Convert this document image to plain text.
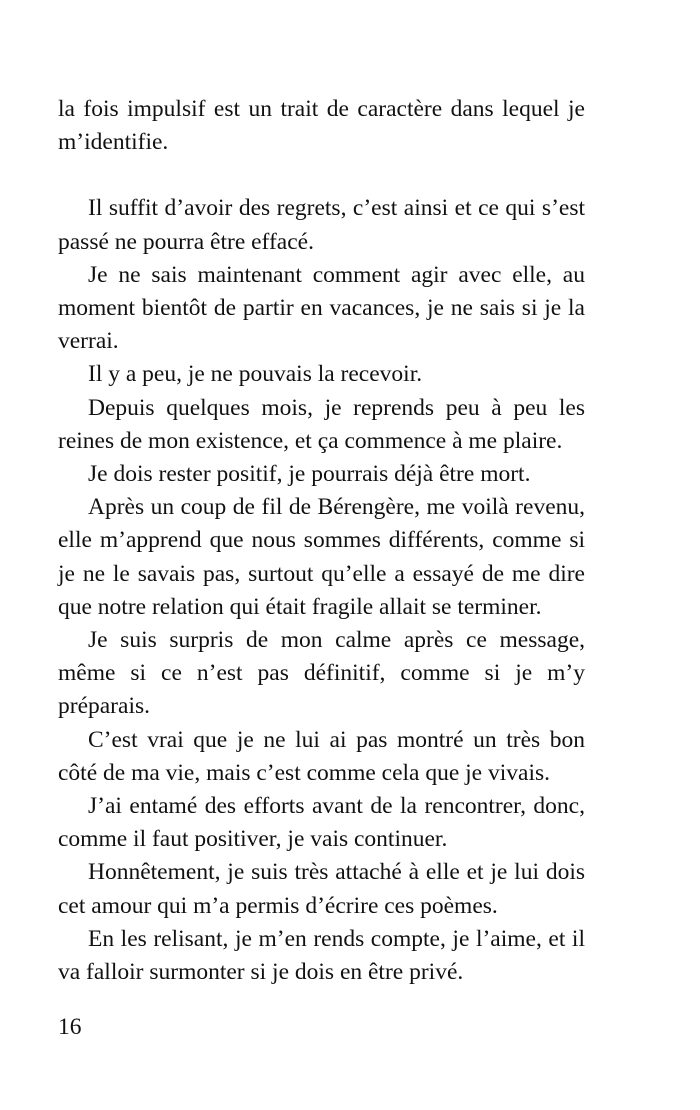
la fois impulsif est un trait de caractère dans lequel je m’identifie.

Il suffit d’avoir des regrets, c’est ainsi et ce qui s’est passé ne pourra être effacé.

Je ne sais maintenant comment agir avec elle, au moment bientôt de partir en vacances, je ne sais si je la verrai.

Il y a peu, je ne pouvais la recevoir.

Depuis quelques mois, je reprends peu à peu les reines de mon existence, et ça commence à me plaire.

Je dois rester positif, je pourrais déjà être mort.

Après un coup de fil de Bérengère, me voilà revenu, elle m’apprend que nous sommes différents, comme si je ne le savais pas, surtout qu’elle a essayé de me dire que notre relation qui était fragile allait se terminer.

Je suis surpris de mon calme après ce message, même si ce n’est pas définitif, comme si je m’y préparais.

C’est vrai que je ne lui ai pas montré un très bon côté de ma vie, mais c’est comme cela que je vivais.

J’ai entamé des efforts avant de la rencontrer, donc, comme il faut positiver, je vais continuer.

Honnêtement, je suis très attaché à elle et je lui dois cet amour qui m’a permis d’écrire ces poèmes.

En les relisant, je m’en rends compte, je l’aime, et il va falloir surmonter si je dois en être privé.

16
